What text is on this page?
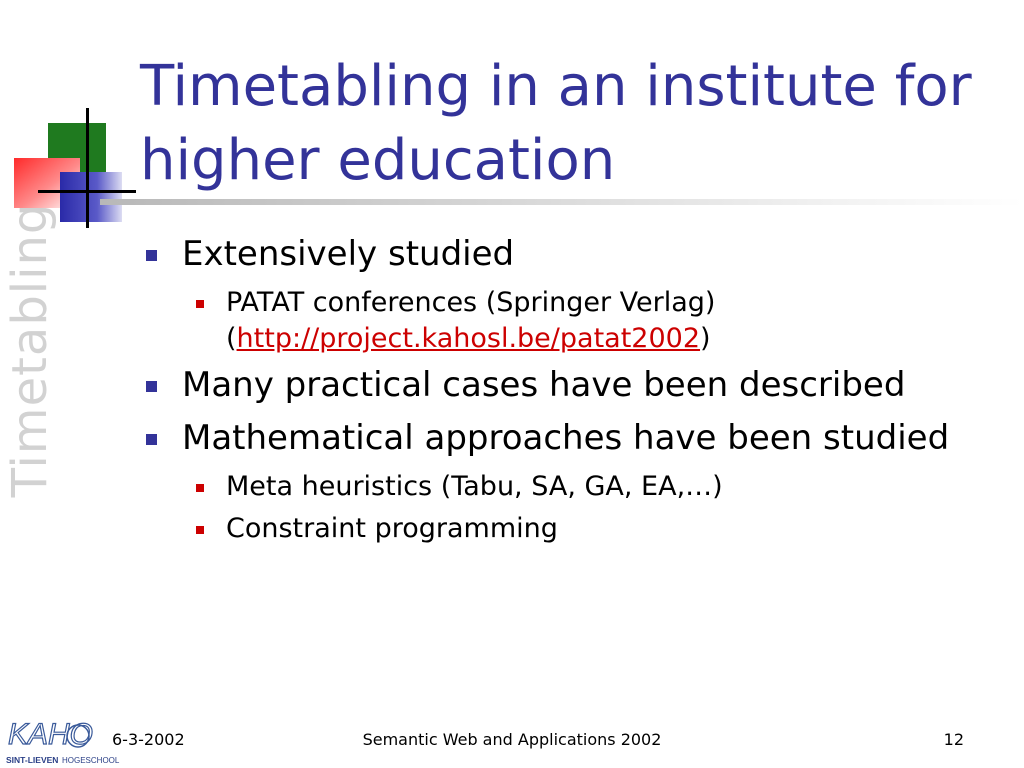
Timetabling
Timetabling in an institute for
higher education
Extensively studied
PATAT conferences (Springer Verlag)
(http://project.kahosl.be/patat2002)
Many practical cases have been described
Mathematical approaches have been studied
Meta heuristics (Tabu, SA, GA, EA,…)
Constraint programming
KAHO
SINT-LIEVEN HOGESCHOOL
6-3-2002	Semantic Web and Applications 2002	12
